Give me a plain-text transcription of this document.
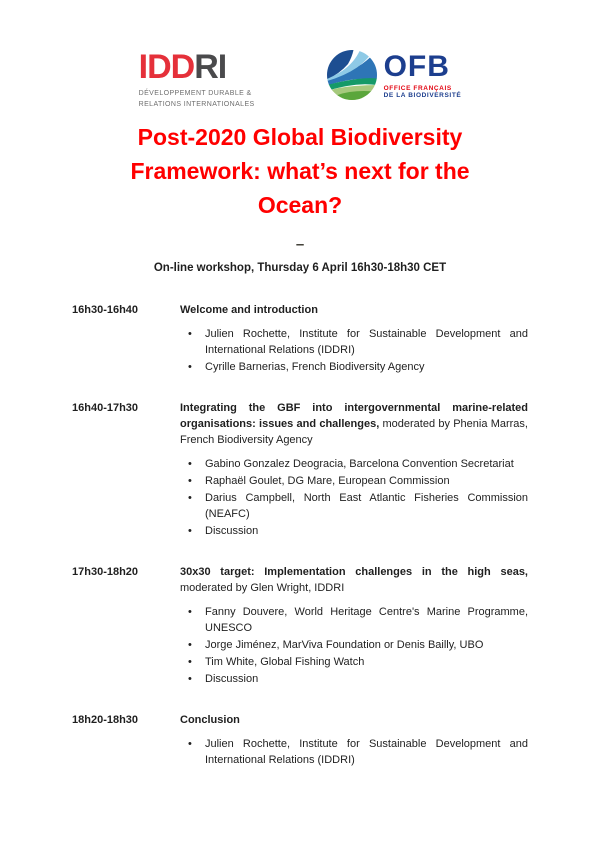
IDDRI
DÉVELOPPEMENT DURABLE &
RELATIONS INTERNATIONALES
OFB
OFFICE FRANÇAIS
DE LA BIODIVERSITÉ
Post-2020 Global Biodiversity
Framework: what’s next for the
Ocean?
–
On-line workshop, Thursday 6 April 16h30-18h30 CET
16h30-16h40	Welcome and introduction

•	Julien Rochette, Institute for Sustainable Development and International Relations (IDDRI)
•	Cyrille Barnerias, French Biodiversity Agency
16h40-17h30	Integrating the GBF into intergovernmental marine-related organisations: issues and challenges, moderated by Phenia Marras, French Biodiversity Agency

•	Gabino Gonzalez Deogracia, Barcelona Convention Secretariat
•	Raphaël Goulet, DG Mare, European Commission
•	Darius Campbell, North East Atlantic Fisheries Commission (NEAFC)
•	Discussion
17h30-18h20	30x30 target: Implementation challenges in the high seas, moderated by Glen Wright, IDDRI

•	Fanny Douvere, World Heritage Centre's Marine Programme, UNESCO
•	Jorge Jiménez, MarViva Foundation or Denis Bailly, UBO
•	Tim White, Global Fishing Watch
•	Discussion
18h20-18h30	Conclusion

•	Julien Rochette, Institute for Sustainable Development and International Relations (IDDRI)
